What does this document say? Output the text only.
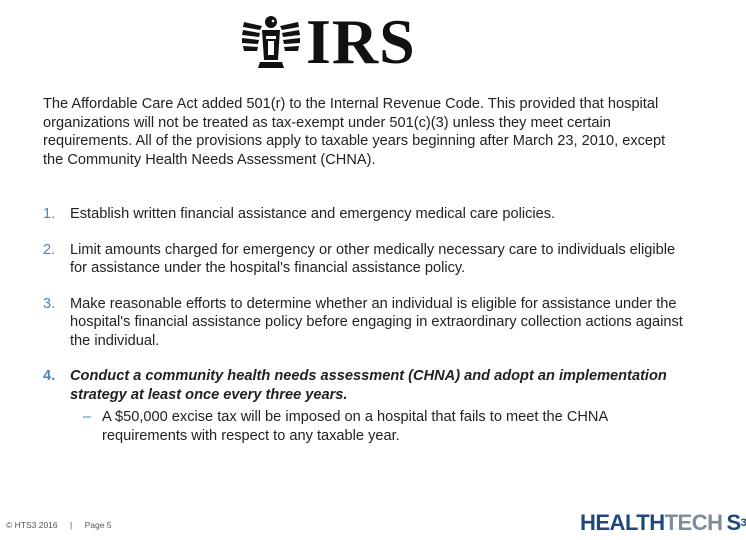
IRS

The Affordable Care Act added 501(r) to the Internal Revenue Code. This provided that hospital organizations will not be treated as tax-exempt under 501(c)(3) unless they meet certain requirements. All of the provisions apply to taxable years beginning after March 23, 2010, except the Community Health Needs Assessment (CHNA).

1. Establish written financial assistance and emergency medical care policies.
2. Limit amounts charged for emergency or other medically necessary care to individuals eligible for assistance under the hospital's financial assistance policy.
3. Make reasonable efforts to determine whether an individual is eligible for assistance under the hospital's financial assistance policy before engaging in extraordinary collection actions against the individual.
4. Conduct a community health needs assessment (CHNA) and adopt an implementation strategy at least once every three years.
– A $50,000 excise tax will be imposed on a hospital that fails to meet the CHNA requirements with respect to any taxable year.
© HTS3 2016 | Page 5	HEALTHTECH $S^3$
